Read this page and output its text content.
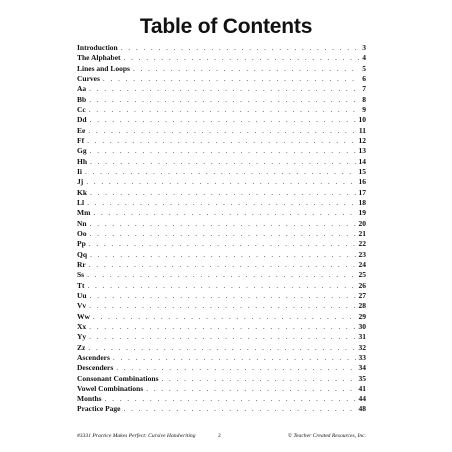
Table of Contents
Introduction . . .	3
The Alphabet . . .	4
Lines and Loops . . .	5
Curves . . .	6
Aa . . .	7
Bb . . .	8
Cc . . .	9
Dd . . .	10
Ee . . .	11
Ff . . .	12
Gg . . .	13
Hh . . .	14
Ii . . .	15
Jj . . .	16
Kk . . .	17
Ll . . .	18
Mm . . .	19
Nn . . .	20
Oo . . .	21
Pp . . .	22
Qq . . .	23
Rr . . .	24
Ss . . .	25
Tt . . .	26
Uu . . .	27
Vv . . .	28
Ww . . .	29
Xx . . .	30
Yy . . .	31
Zz . . .	32
Ascenders . . .	33
Descenders . . .	34
Consonant Combinations . . .	35
Vowel Combinations . . .	41
Months . . .	44
Practice Page . . .	48
#3331 Practice Makes Perfect: Cursive Handwriting	2	© Teacher Created Resources, Inc.
